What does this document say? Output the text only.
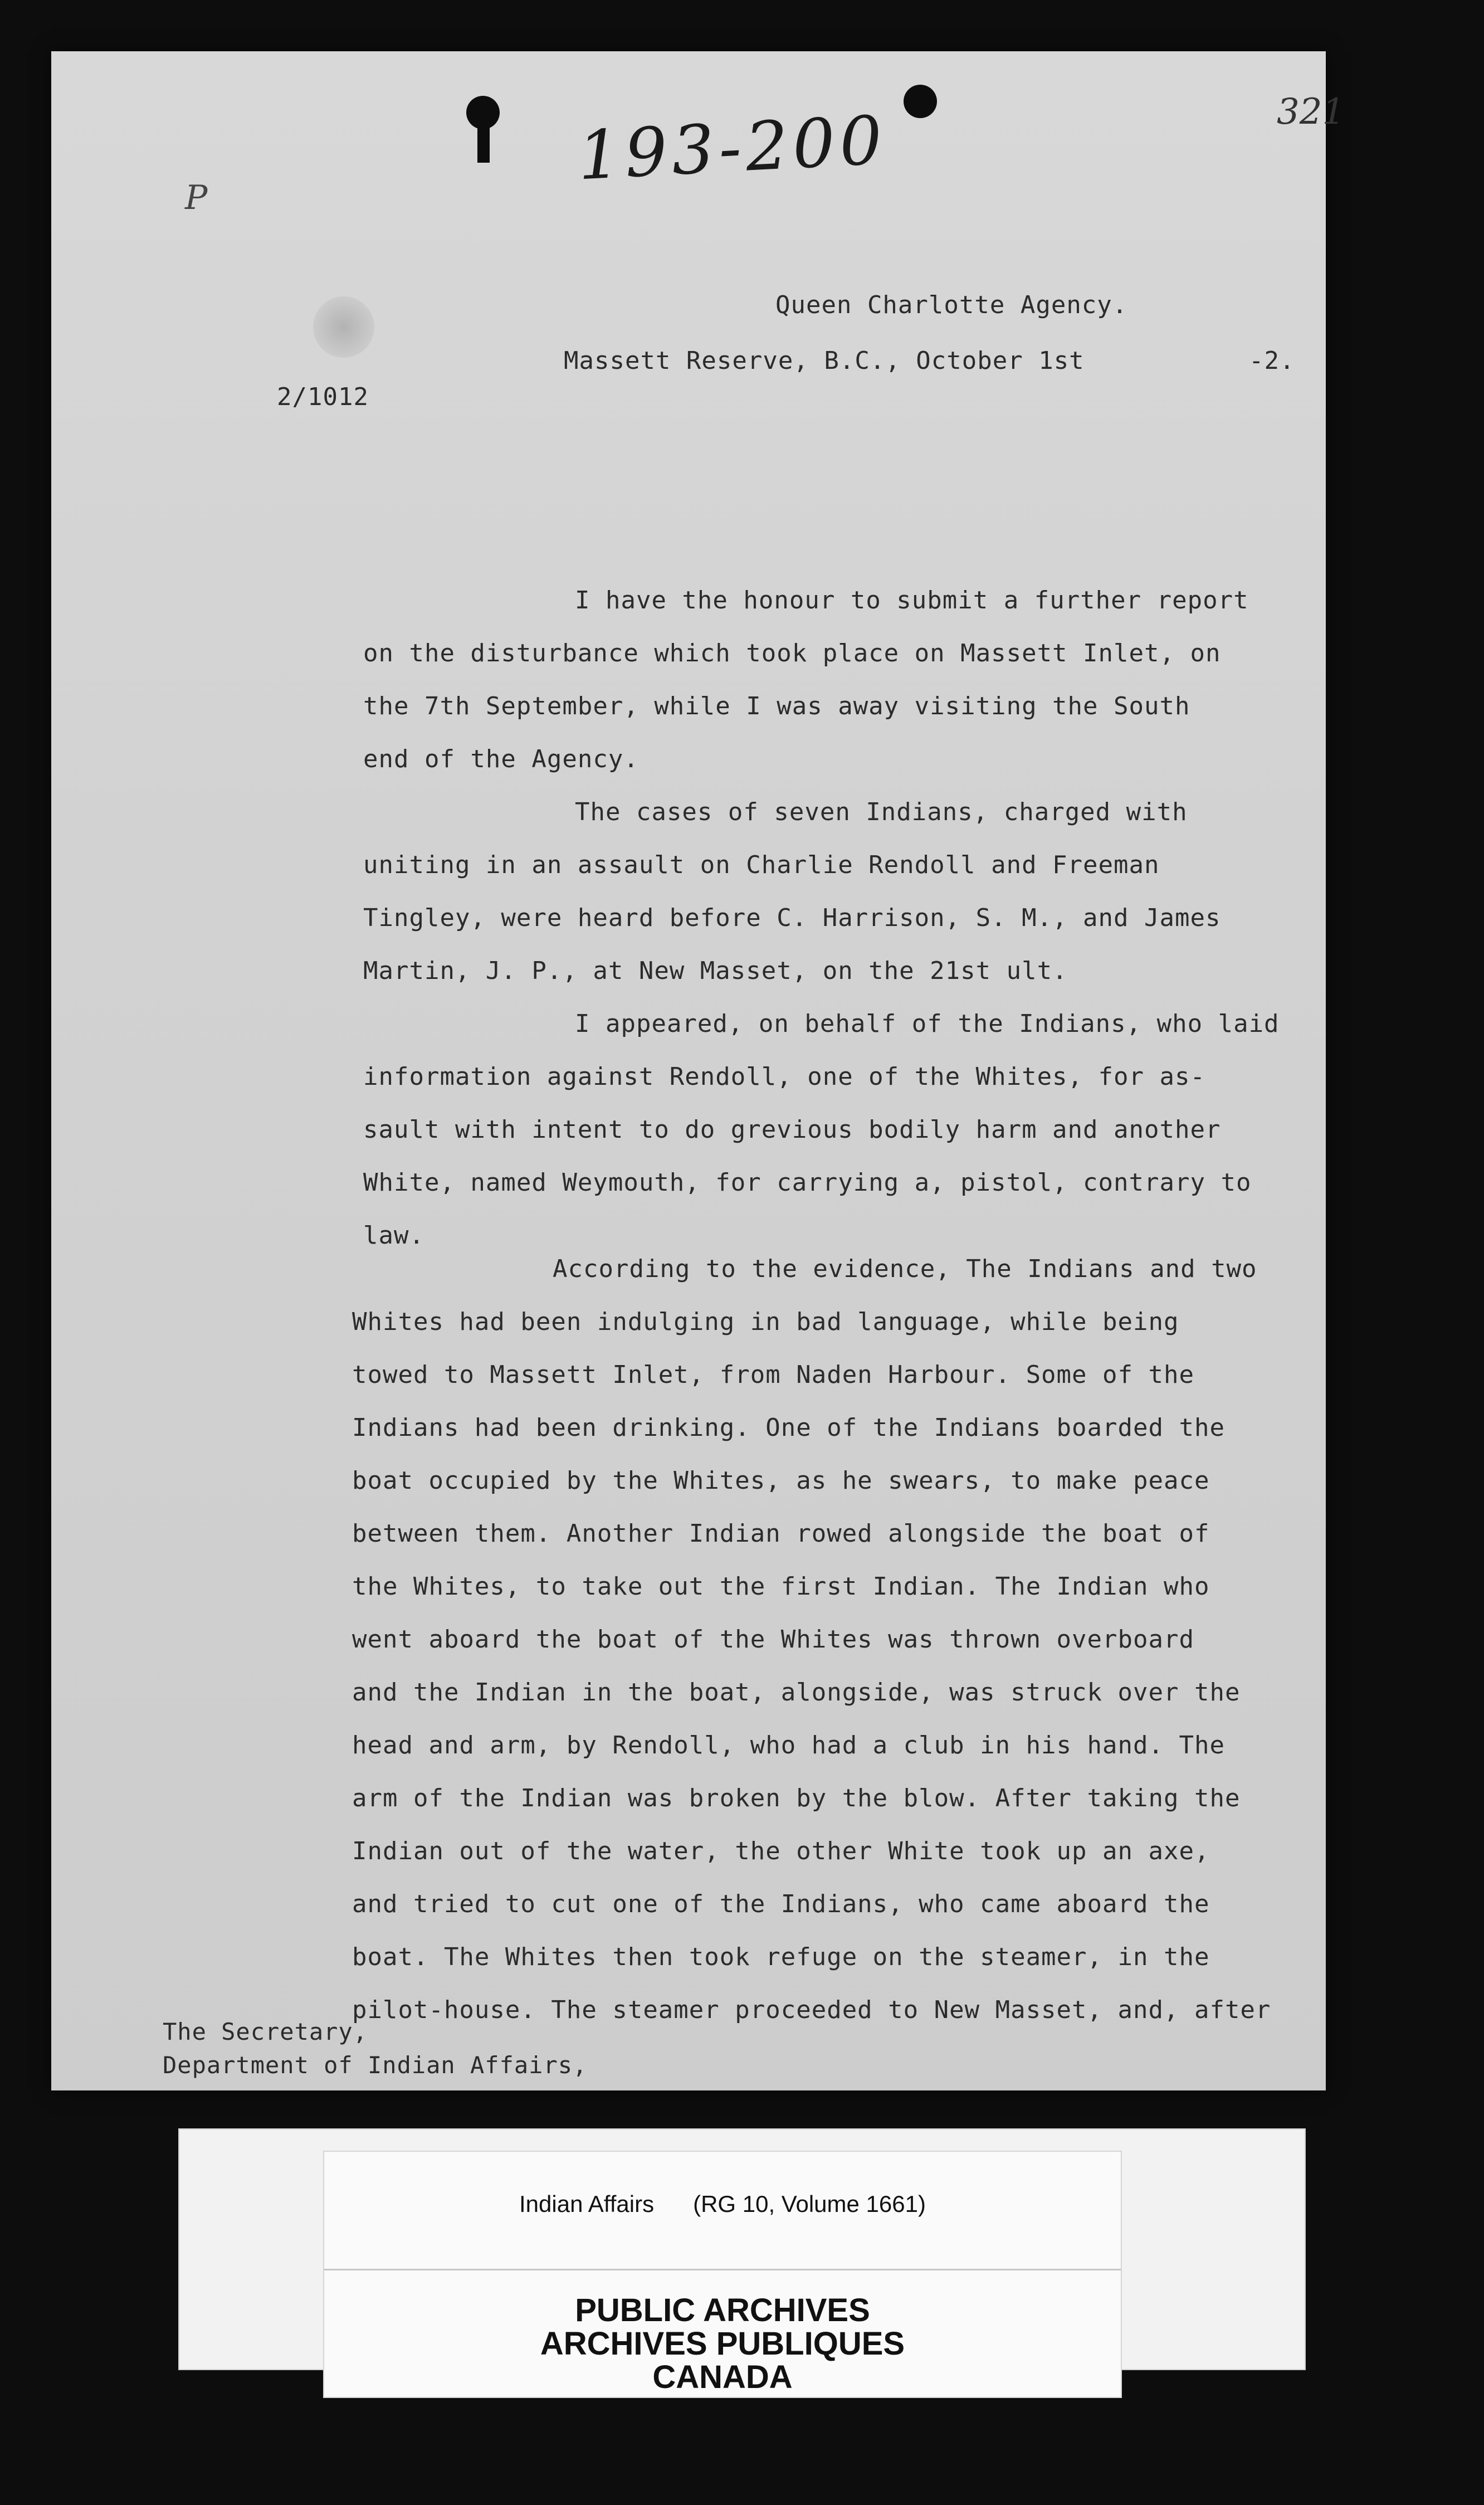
193-200	321
P
Queen Charlotte Agency.
Massett Reserve, B.C., October 1st	-2.
2/1012
I have the honour to submit a further report
on the disturbance which took place on Massett Inlet, on
the 7th September, while I was away visiting the South
end of the Agency.
The cases of seven Indians, charged with
uniting in an assault on Charlie Rendoll and Freeman
Tingley, were heard before C. Harrison, S. M., and James
Martin, J. P., at New Masset, on the 21st ult.
I appeared, on behalf of the Indians, who laid
information against Rendoll, one of the Whites, for as-
sault with intent to do grevious bodily harm and another
White, named Weymouth, for carrying a, pistol, contrary to
law.
According to the evidence, The Indians and two
Whites had been indulging in bad language, while being
towed to Massett Inlet, from Naden Harbour. Some of the
Indians had been drinking. One of the Indians boarded the
boat occupied by the Whites, as he swears, to make peace
between them. Another Indian rowed alongside the boat of
the Whites, to take out the first Indian. The Indian who
went aboard the boat of the Whites was thrown overboard
and the Indian in the boat, alongside, was struck over the
head and arm, by Rendoll, who had a club in his hand. The
arm of the Indian was broken by the blow. After taking the
Indian out of the water, the other White took up an axe,
and tried to cut one of the Indians, who came aboard the
boat. The Whites then took refuge on the steamer, in the
pilot-house. The steamer proceeded to New Masset, and, after
The Secretary,
Department of Indian Affairs,
Indian Affairs      (RG 10, Volume 1661)
PUBLIC ARCHIVES
ARCHIVES PUBLIQUES
CANADA
